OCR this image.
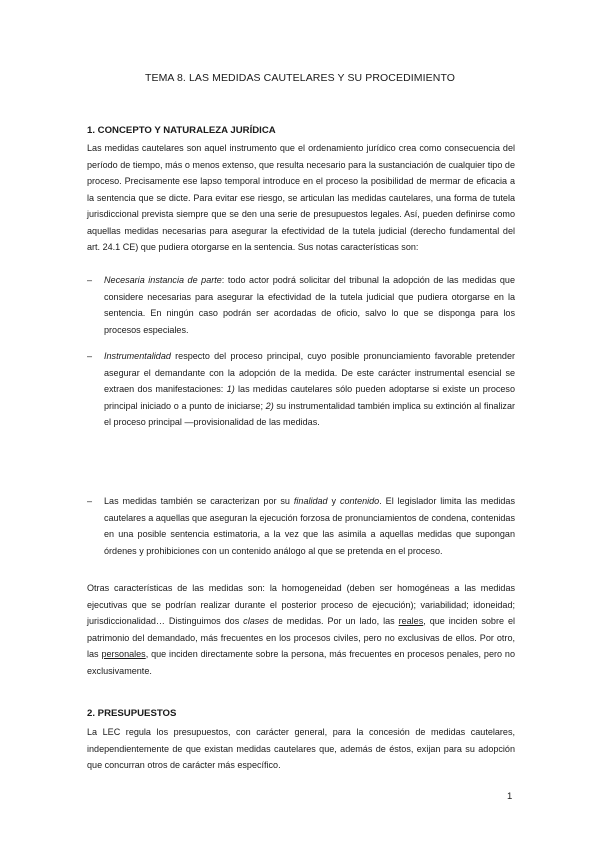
TEMA 8. LAS MEDIDAS CAUTELARES Y SU PROCEDIMIENTO
1. CONCEPTO Y NATURALEZA JURÍDICA
Las medidas cautelares son aquel instrumento que el ordenamiento jurídico crea como consecuencia del período de tiempo, más o menos extenso, que resulta necesario para la sustanciación de cualquier tipo de proceso. Precisamente ese lapso temporal introduce en el proceso la posibilidad de mermar de eficacia a la sentencia que se dicte. Para evitar ese riesgo, se articulan las medidas cautelares, una forma de tutela jurisdiccional prevista siempre que se den una serie de presupuestos legales. Así, pueden definirse como aquellas medidas necesarias para asegurar la efectividad de la tutela judicial (derecho fundamental del art. 24.1 CE) que pudiera otorgarse en la sentencia. Sus notas características son:
–	Necesaria instancia de parte: todo actor podrá solicitar del tribunal la adopción de las medidas que considere necesarias para asegurar la efectividad de la tutela judicial que pudiera otorgarse en la sentencia. En ningún caso podrán ser acordadas de oficio, salvo lo que se disponga para los procesos especiales.
–	Instrumentalidad respecto del proceso principal, cuyo posible pronunciamiento favorable pretender asegurar el demandante con la adopción de la medida. De este carácter instrumental esencial se extraen dos manifestaciones: 1) las medidas cautelares sólo pueden adoptarse si existe un proceso principal iniciado o a punto de iniciarse; 2) su instrumentalidad también implica su extinción al finalizar el proceso principal —provisionalidad de las medidas.
–	Las medidas también se caracterizan por su finalidad y contenido. El legislador limita las medidas cautelares a aquellas que aseguran la ejecución forzosa de pronunciamientos de condena, contenidas en una posible sentencia estimatoria, a la vez que las asimila a aquellas medidas que supongan órdenes y prohibiciones con un contenido análogo al que se pretenda en el proceso.
Otras características de las medidas son: la homogeneidad (deben ser homogéneas a las medidas ejecutivas que se podrían realizar durante el posterior proceso de ejecución); variabilidad; idoneidad; jurisdiccionalidad… Distinguimos dos clases de medidas. Por un lado, las reales, que inciden sobre el patrimonio del demandado, más frecuentes en los procesos civiles, pero no exclusivas de ellos. Por otro, las personales, que inciden directamente sobre la persona, más frecuentes en procesos penales, pero no exclusivamente.
2. PRESUPUESTOS
La LEC regula los presupuestos, con carácter general, para la concesión de medidas cautelares, independientemente de que existan medidas cautelares que, además de éstos, exijan para su adopción que concurran otros de carácter más específico.
1
